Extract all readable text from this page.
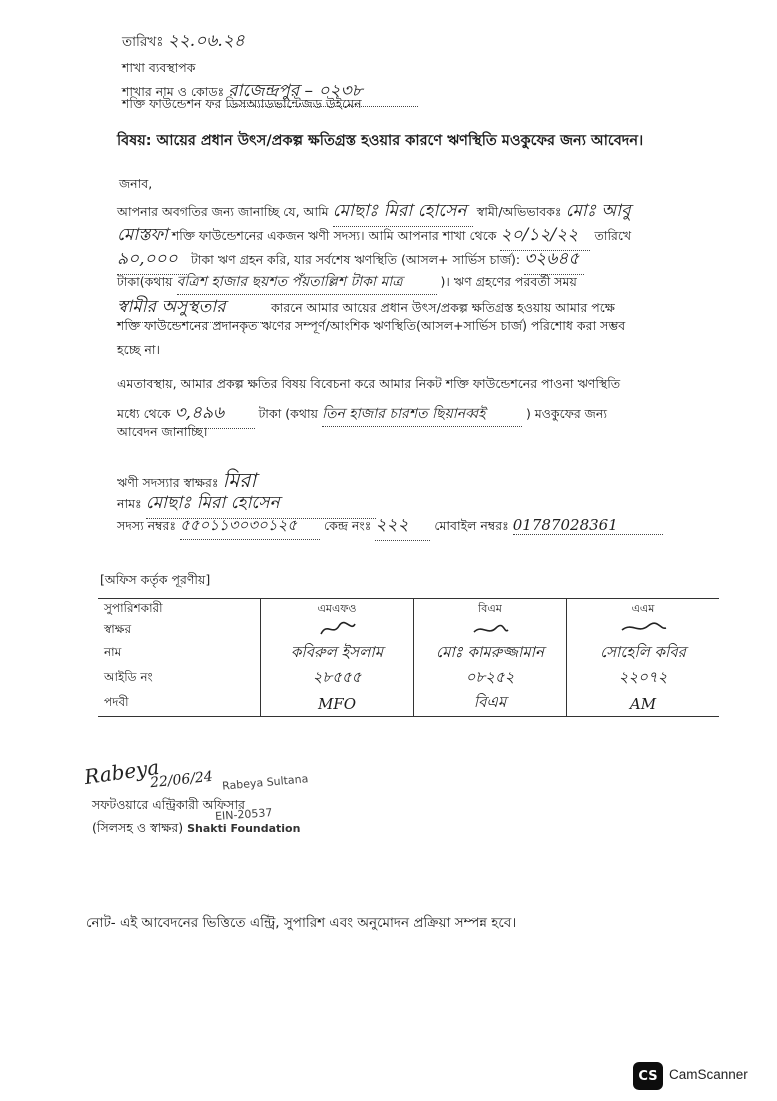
তারিখঃ ২২.০৬.২৪
শাখা ব্যবস্থাপক
শাখার নাম ও কোডঃ রাজেন্দ্রপুর – ০২৩৮
শক্তি ফাউন্ডেশন ফর ডিসঅ্যাডভান্টেজড উইমেন
বিষয়: আয়ের প্রধান উৎস/প্রকল্প ক্ষতিগ্রস্ত হওয়ার কারণে ঋণস্থিতি মওকুফের জন্য আবেদন।
জনাব,
আপনার অবগতির জন্য জানাচ্ছি যে, আমি মোছাঃ মিরা হোসেন স্বামী/অভিভাবকঃ মোঃ আবু
মোস্তফা শক্তি ফাউন্ডেশনের একজন ঋণী সদস্য। আমি আপনার শাখা থেকে ২০/১২/২২ তারিখে
৯০,০০০ টাকা ঋণ গ্রহন করি, যার সর্বশেষ ঋণস্থিতি (আসল+ সার্ভিস চার্জ): ৩২৬৪৫
টাকা(কথায় বত্রিশ হাজার ছয়শত পঁয়তাল্লিশ টাকা মাত্র	)। ঋণ গ্রহণের পরবর্তী সময়
স্বামীর অসুস্থতার	কারনে আমার আয়ের প্রধান উৎস/প্রকল্প ক্ষতিগ্রস্ত হওয়ায় আমার পক্ষে
শক্তি ফাউন্ডেশনের প্রদানকৃত ঋণের সম্পূর্ণ/আংশিক ঋণস্থিতি(আসল+সার্ভিস চার্জ) পরিশোধ করা সম্ভব
হচ্ছে না।
এমতাবস্থায়, আমার প্রকল্প ক্ষতির বিষয় বিবেচনা করে আমার নিকট শক্তি ফাউন্ডেশনের পাওনা ঋণস্থিতি
মধ্যে থেকে ৩,৪৯৬	টাকা (কথায় তিন হাজার চারশত ছিয়ানব্বই	) মওকুফের জন্য
আবেদন জানাচ্ছি।
ঋণী সদস্যার স্বাক্ষরঃ মিরা
নামঃ মোছাঃ মিরা হোসেন
সদস্য নম্বরঃ ৫৫০১১৩০৩০১২৫ কেন্দ্র নংঃ ২২২ মোবাইল নম্বরঃ 01787028361
[অফিস কর্তৃক পূরণীয়]
সুপারিশকারী	এমএফও	বিএম	এএম
স্বাক্ষর			
নাম	কবিরুল ইসলাম	মোঃ কামরুজ্জামান	সোহেলি কবির
আইডি নং	২৮৫৫৫	০৮২৫২	২২০৭২
পদবী	MFO	বিএম	AM
Rabeya
22/06/24 Rabeya Sultana
সফটওয়ারে এন্ট্রিকারী অফিসার
EIN-20537
(সিলসহ ও স্বাক্ষর) Shakti Foundation
নোট- এই আবেদনের ভিত্তিতে এন্ট্রি, সুপারিশ এবং অনুমোদন প্রক্রিয়া সম্পন্ন হবে।
CS CamScanner
